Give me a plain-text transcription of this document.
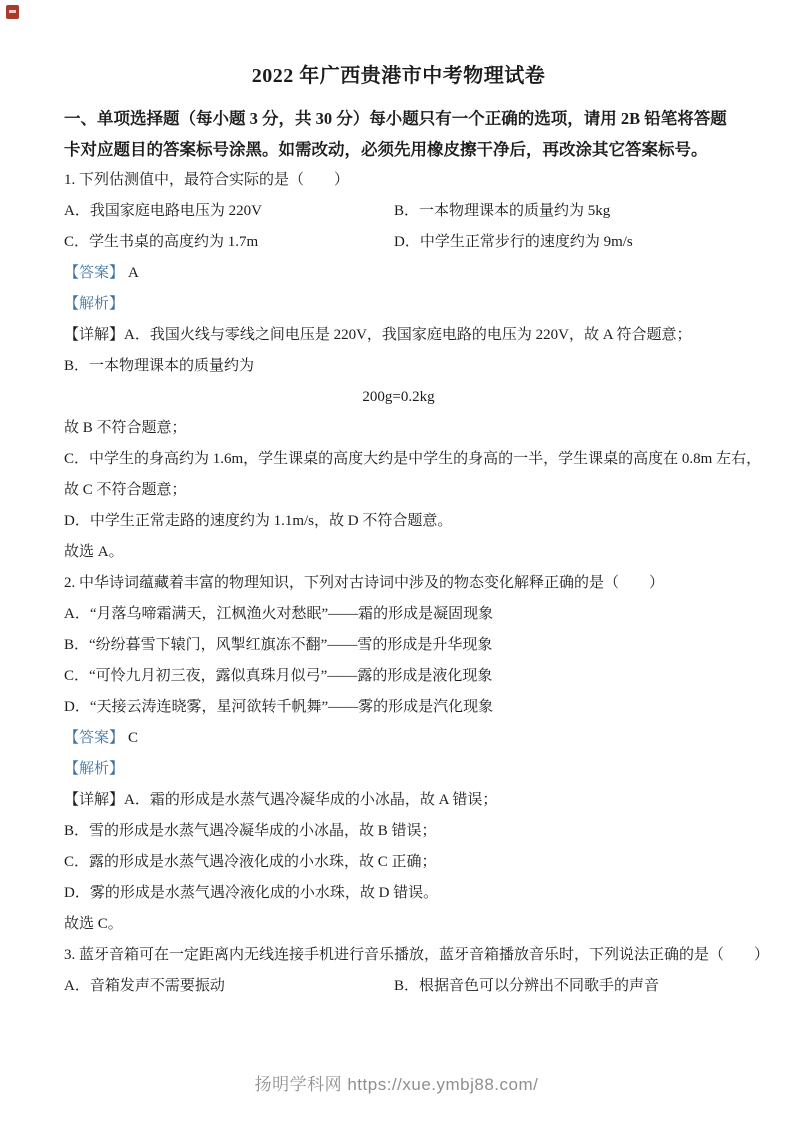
2022 年广西贵港市中考物理试卷
一、单项选择题（每小题 3 分，共 30 分）每小题只有一个正确的选项，请用 2B 铅笔将答题
卡对应题目的答案标号涂黑。如需改动，必须先用橡皮擦干净后，再改涂其它答案标号。
1. 下列估测值中，最符合实际的是（　　）
A．我国家庭电路电压为 220V	B．一本物理课本的质量约为 5kg
C．学生书桌的高度约为 1.7m	D．中学生正常步行的速度约为 9m/s
【答案】 A
【解析】
【详解】A．我国火线与零线之间电压是 220V，我国家庭电路的电压为 220V，故 A 符合题意；
B．一本物理课本的质量约为
200g=0.2kg
故 B 不符合题意；
C．中学生的身高约为 1.6m，学生课桌的高度大约是中学生的身高的一半，学生课桌的高度在 0.8m 左右，
故 C 不符合题意；
D．中学生正常走路的速度约为 1.1m/s，故 D 不符合题意。
故选 A。
2. 中华诗词蕴藏着丰富的物理知识，下列对古诗词中涉及的物态变化解释正确的是（　　）
A．“月落乌啼霜满天，江枫渔火对愁眠”——霜的形成是凝固现象
B．“纷纷暮雪下辕门，风掣红旗冻不翻”——雪的形成是升华现象
C．“可怜九月初三夜，露似真珠月似弓”——露的形成是液化现象
D．“天接云涛连晓雾，星河欲转千帆舞”——雾的形成是汽化现象
【答案】 C
【解析】
【详解】A．霜的形成是水蒸气遇冷凝华成的小冰晶，故 A 错误；
B．雪的形成是水蒸气遇冷凝华成的小冰晶，故 B 错误；
C．露的形成是水蒸气遇冷液化成的小水珠，故 C 正确；
D．雾的形成是水蒸气遇冷液化成的小水珠，故 D 错误。
故选 C。
3. 蓝牙音箱可在一定距离内无线连接手机进行音乐播放，蓝牙音箱播放音乐时，下列说法正确的是（　　）
A．音箱发声不需要振动	B．根据音色可以分辨出不同歌手的声音
扬明学科网 https://xue.ymbj88.com/
